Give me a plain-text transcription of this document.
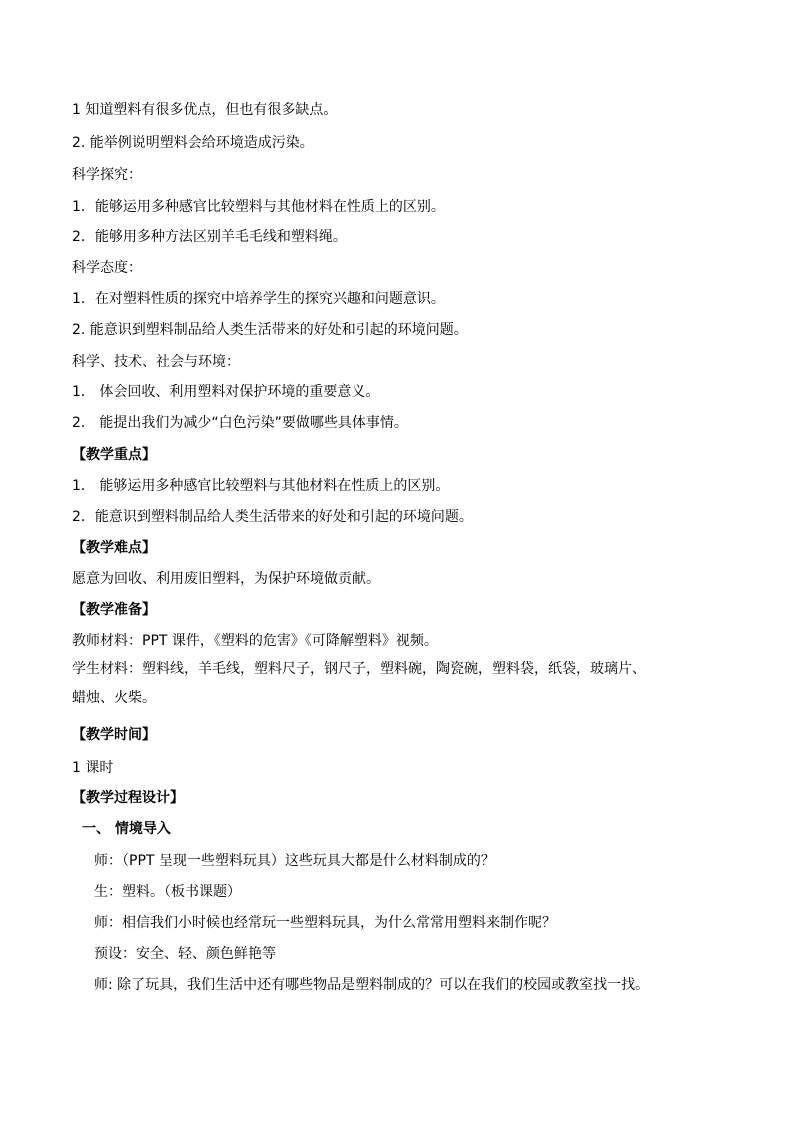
1 知道塑料有很多优点，但也有很多缺点。
2. 能举例说明塑料会给环境造成污染。
科学探究：
1．能够运用多种感官比较塑料与其他材料在性质上的区别。
2．能够用多种方法区别羊毛毛线和塑料绳。
科学态度：
1．在对塑料性质的探究中培养学生的探究兴趣和问题意识。
2. 能意识到塑料制品给人类生活带来的好处和引起的环境问题。
科学、技术、社会与环境：
1． 体会回收、利用塑料对保护环境的重要意义。
2． 能提出我们为减少“白色污染”要做哪些具体事情。
【教学重点】
1． 能够运用多种感官比较塑料与其他材料在性质上的区别。
2．能意识到塑料制品给人类生活带来的好处和引起的环境问题。
【教学难点】
愿意为回收、利用废旧塑料，为保护环境做贡献。
【教学准备】
教师材料：PPT 课件，《塑料的危害》《可降解塑料》视频。
学生材料：塑料线，羊毛线，塑料尺子，钢尺子，塑料碗，陶瓷碗，塑料袋，纸袋，玻璃片、
蜡烛、火柴。
【教学时间】
1 课时
【教学过程设计】
一、 情境导入
师：（PPT 呈现一些塑料玩具）这些玩具大都是什么材料制成的？
生：塑料。（板书课题）
师：相信我们小时候也经常玩一些塑料玩具，为什么常常用塑料来制作呢？
预设：安全、轻、颜色鲜艳等
师: 除了玩具，我们生活中还有哪些物品是塑料制成的？可以在我们的校园或教室找一找。
